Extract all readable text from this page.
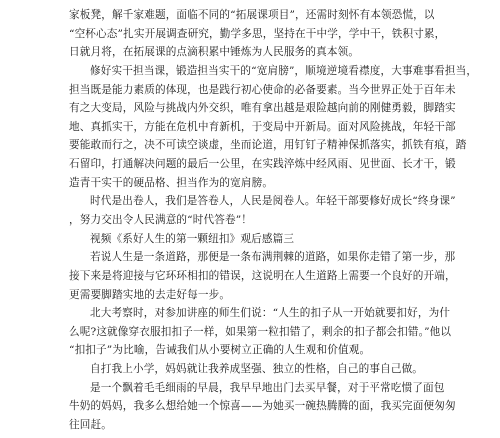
家板凳，解千家难题，面临不同的“拓展课项目”，还需时刻怀有本领恐慌，以
“空杯心态”扎实开展调查研究，勤学多思，坚持在干中学，学中干，铁积寸累，
日就月将，在拓展课的点滴积累中锤炼为人民服务的真本领。
修好实干担当课，锻造担当实干的“宽肩膀”，顺境逆境看襟度，大事难事看担当，
担当既是能力素质的体现，也是践行初心使命的必备要素。当今世界正处于百年未
有之大变局，风险与挑战内外交织，唯有拿出越是艰险越向前的刚健勇毅，脚踏实
地、真抓实干，方能在危机中育新机，于变局中开新局。面对风险挑战，年轻干部
要能敢而行之，决不可读空谈虚，坐而论道，用钉钉子精神保抓落实，抓铁有痕，踏
石留印，打通解决问题的最后一公里，在实践淬炼中经风雨、见世面、长才干，锻
造青干实干的硬品格、担当作为的宽肩膀。
时代是出卷人，我们是答卷人，人民是阅卷人。年轻干部要修好成长“终身课”
，努力交出令人民满意的“时代答卷”！
视频《系好人生的第一颗纽扣》观后感篇三
若说人生是一条道路，那便是一条布满荆棘的道路，如果你走错了第一步，那
接下来是将迎接与它环环相扣的错误，这说明在人生道路上需要一个良好的开端，
更需要脚踏实地的去走好每一步。
北大考察时，对参加讲座的师生们说：“人生的扣子从一开始就要扣好，为什
么呢?这就像穿衣服扣扣子一样，如果第一粒扣错了，剩余的扣子都会扣错。”他以
“扣扣子”为比喻，告诫我们从小要树立正确的人生观和价值观。
自打我上小学，妈妈就让我养成坚强、独立的性格，自己的事自己做。
是一个飘着毛毛细雨的早晨，我早早地出门去买早餐，对于平常吃惯了面包
牛奶的妈妈，我多么想给她一个惊喜——为她买一碗热腾腾的面，我买完面便匆匆
往回赶。
